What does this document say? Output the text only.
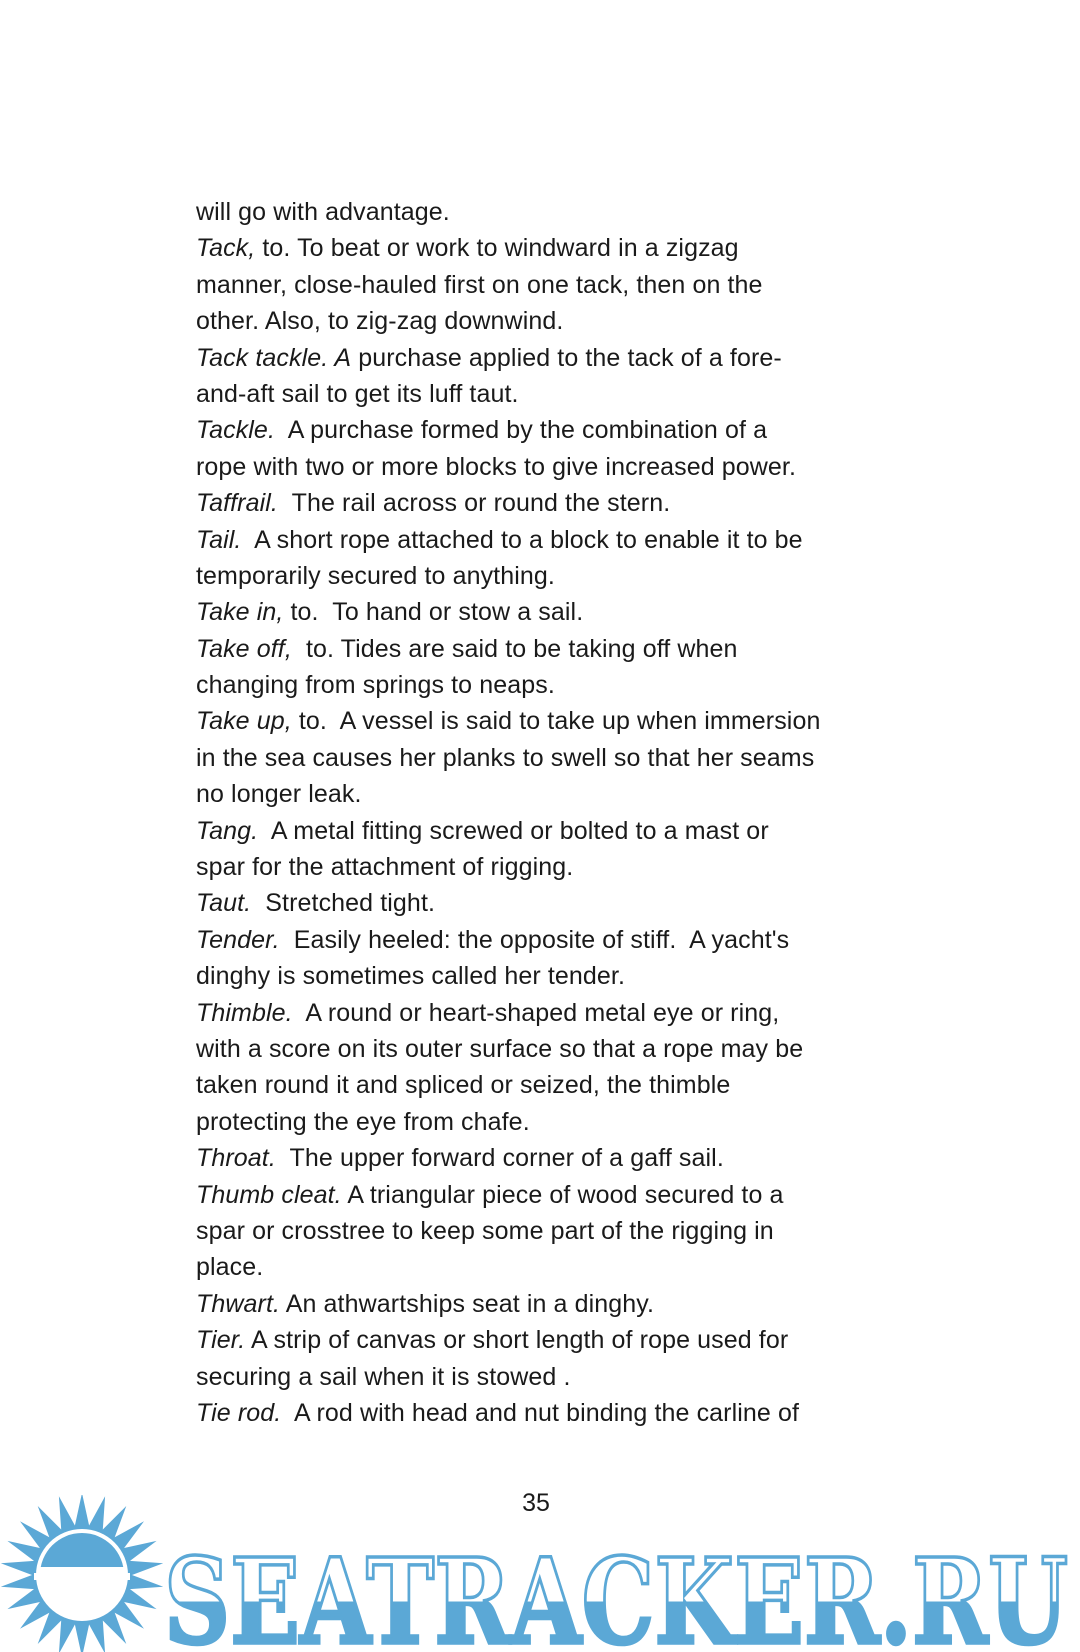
will go with advantage.
Tack, to. To beat or work to windward in a zigzag
manner, close-hauled first on one tack, then on the
other. Also, to zig-zag downwind.
Tack tackle. A purchase applied to the tack of a fore-
and-aft sail to get its luff taut.
Tackle.  A purchase formed by the combination of a
rope with two or more blocks to give increased power.
Taffrail.  The rail across or round the stern.
Tail.  A short rope attached to a block to enable it to be
temporarily secured to anything.
Take in, to.  To hand or stow a sail.
Take off,  to. Tides are said to be taking off when
changing from springs to neaps.
Take up, to.  A vessel is said to take up when immersion
in the sea causes her planks to swell so that her seams
no longer leak.
Tang.  A metal fitting screwed or bolted to a mast or
spar for the attachment of rigging.
Taut.  Stretched tight.
Tender.  Easily heeled: the opposite of stiff.  A yacht's
dinghy is sometimes called her tender.
Thimble.  A round or heart-shaped metal eye or ring,
with a score on its outer surface so that a rope may be
taken round it and spliced or seized, the thimble
protecting the eye from chafe.
Throat.  The upper forward corner of a gaff sail.
Thumb cleat. A triangular piece of wood secured to a
spar or crosstree to keep some part of the rigging in
place.
Thwart. An athwartships seat in a dinghy.
Tier. A strip of canvas or short length of rope used for
securing a sail when it is stowed .
Tie rod.  A rod with head and nut binding the carline of
35
SEATRACKER.RU
